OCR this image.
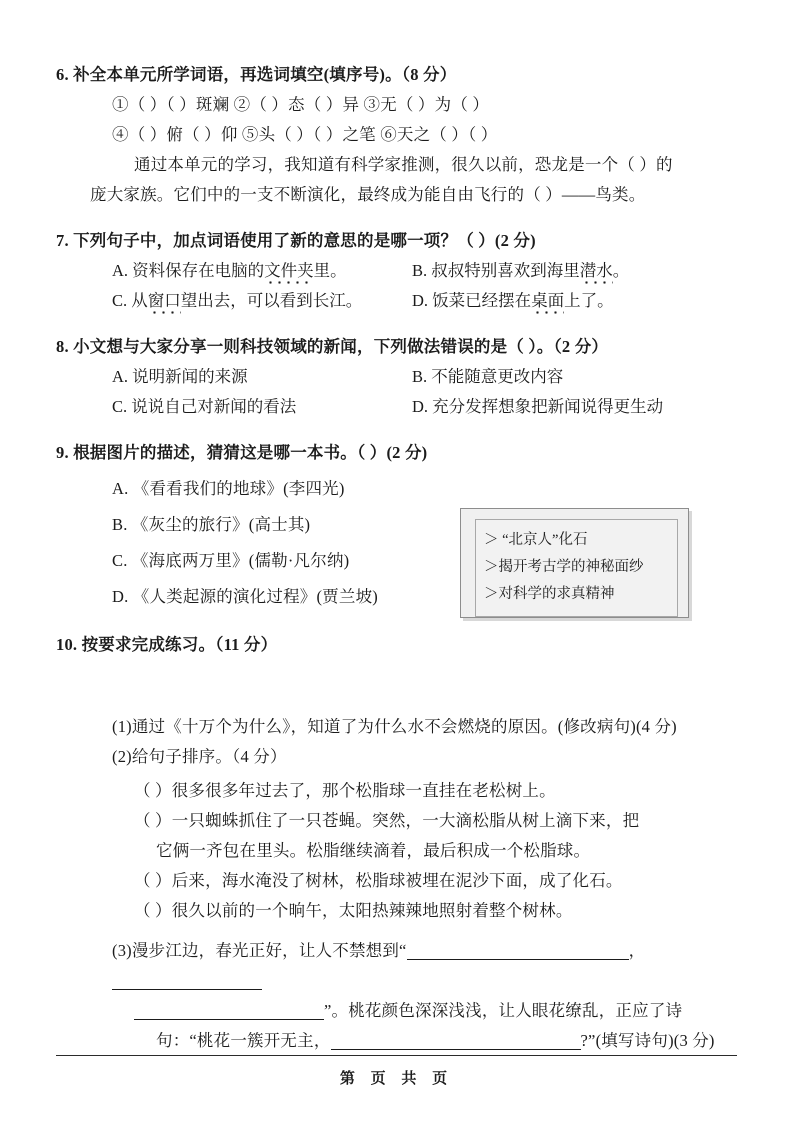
6. 补全本单元所学词语，再选词填空(填序号)。（8 分）
①（ ）（ ）斑斓 ②（ ）态（ ）异 ③无（ ）为（ ）
④（ ）俯（ ）仰 ⑤头（ ）（ ）之笔 ⑥天之（ ）（ ）
通过本单元的学习，我知道有科学家推测，很久以前，恐龙是一个（ ）的
庞大家族。它们中的一支不断演化，最终成为能自由飞行的（ ）——鸟类。
7. 下列句子中，加点词语使用了新的意思的是哪一项？（ ）(2 分)
A. 资料保存在电脑的文件夹里。	B. 叔叔特别喜欢到海里潜水。
C. 从窗口望出去，可以看到长江。	D. 饭菜已经摆在桌面上了。
8. 小文想与大家分享一则科技领域的新闻，下列做法错误的是（ ）。（2 分）
A. 说明新闻的来源	B. 不能随意更改内容
C. 说说自己对新闻的看法	D. 充分发挥想象把新闻说得更生动
9. 根据图片的描述，猜猜这是哪一本书。（ ）(2 分)
A. 《看看我们的地球》(李四光)
B. 《灰尘的旅行》(高士其)
C. 《海底两万里》(儒勒·凡尔纳)
D. 《人类起源的演化过程》(贾兰坡)
＞ “北京人”化石
＞揭开考古学的神秘面纱
＞对科学的求真精神
10. 按要求完成练习。（11 分）
(1)通过《十万个为什么》，知道了为什么水不会燃烧的原因。(修改病句)(4 分)
(2)给句子排序。（4 分）
（ ）很多很多年过去了，那个松脂球一直挂在老松树上。
（ ）一只蜘蛛抓住了一只苍蝇。突然，一大滴松脂从树上滴下来，把
它俩一齐包在里头。松脂继续滴着，最后积成一个松脂球。
（ ）后来，海水淹没了树林，松脂球被埋在泥沙下面，成了化石。
（ ）很久以前的一个晌午，太阳热辣辣地照射着整个树林。
(3)漫步江边，春光正好，让人不禁想到“	，
”。桃花颜色深深浅浅，让人眼花缭乱，正应了诗
句：“桃花一簇开无主，	?”(填写诗句)(3 分)
第 页 共 页
